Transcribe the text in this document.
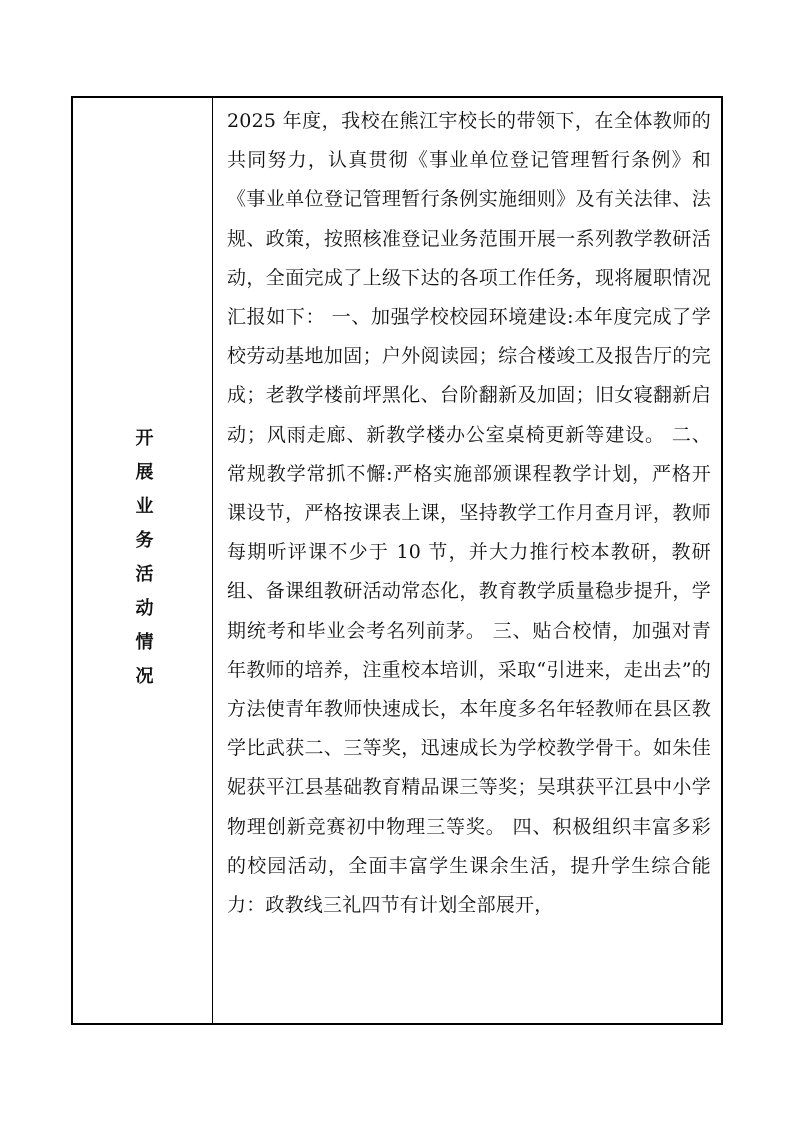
开展业务活动情况

2025 年度，我校在熊江宇校长的带领下，在全体教师的共同努力，认真贯彻《事业单位登记管理暂行条例》和《事业单位登记管理暂行条例实施细则》及有关法律、法规、政策，按照核准登记业务范围开展一系列教学教研活动，全面完成了上级下达的各项工作任务，现将履职情况汇报如下： 一、加强学校校园环境建设:本年度完成了学校劳动基地加固；户外阅读园；综合楼竣工及报告厅的完成；老教学楼前坪黑化、台阶翻新及加固；旧女寝翻新启动；风雨走廊、新教学楼办公室桌椅更新等建设。 二、常规教学常抓不懈:严格实施部颁课程教学计划，严格开课设节，严格按课表上课，坚持教学工作月查月评，教师每期听评课不少于 10 节，并大力推行校本教研，教研组、备课组教研活动常态化，教育教学质量稳步提升，学期统考和毕业会考名列前茅。 三、贴合校情，加强对青年教师的培养，注重校本培训，采取“引进来，走出去”的方法使青年教师快速成长，本年度多名年轻教师在县区教学比武获二、三等奖，迅速成长为学校教学骨干。如朱佳妮获平江县基础教育精品课三等奖；吴琪获平江县中小学物理创新竞赛初中物理三等奖。 四、积极组织丰富多彩的校园活动，全面丰富学生课余生活，提升学生综合能力：政教线三礼四节有计划全部展开，
